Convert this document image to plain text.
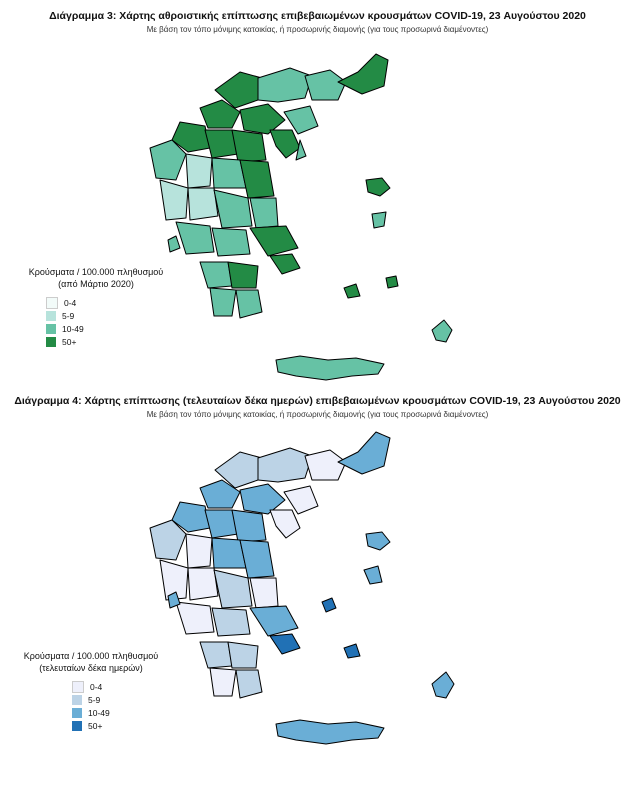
Διάγραμμα 3: Χάρτης αθροιστικής επίπτωσης επιβεβαιωμένων κρουσμάτων COVID-19, 23 Αυγούστου 2020
Με βάση τον τόπο μόνιμης κατοικίας, ή προσωρινής διαμονής (για τους προσωρινά διαμένοντες)
Κρούσματα / 100.000 πληθυσμού
(από Μάρτιο 2020)
0-4
5-9
10-49
50+
Διάγραμμα 4: Χάρτης επίπτωσης (τελευταίων δέκα ημερών) επιβεβαιωμένων κρουσμάτων COVID-19, 23 Αυγούστου 2020
Με βάση τον τόπο μόνιμης κατοικίας, ή προσωρινής διαμονής (για τους προσωρινά διαμένοντες)
Κρούσματα / 100.000 πληθυσμού
(τελευταίων δέκα ημερών)
0-4
5-9
10-49
50+
